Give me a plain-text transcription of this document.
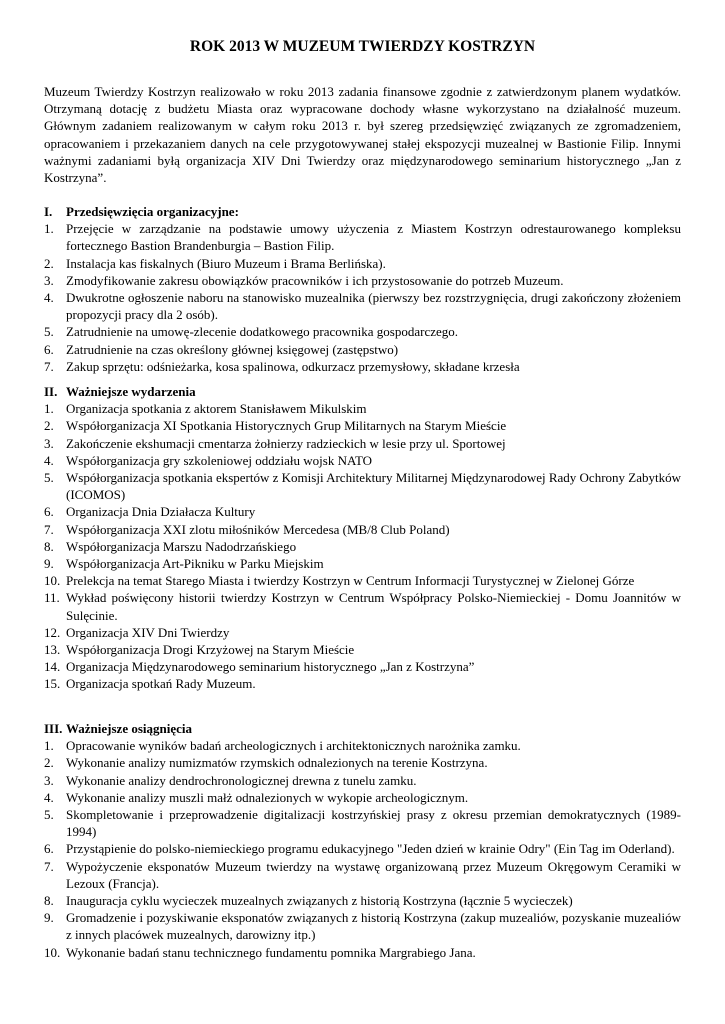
ROK 2013 W MUZEUM TWIERDZY KOSTRZYN

Muzeum Twierdzy Kostrzyn realizowało w roku 2013 zadania finansowe zgodnie z zatwierdzonym planem wydatków. Otrzymaną dotację z budżetu Miasta oraz wypracowane dochody własne wykorzystano na działalność muzeum. Głównym zadaniem realizowanym w całym roku 2013 r. był szereg przedsięwzięć związanych ze zgromadzeniem, opracowaniem i przekazaniem danych na cele przygotowywanej stałej ekspozycji muzealnej w Bastionie Filip. Innymi ważnymi zadaniami byłą organizacja XIV Dni Twierdzy oraz międzynarodowego seminarium historycznego „Jan z Kostrzyna”.

I.	Przedsięwzięcia organizacyjne:
1. Przejęcie w zarządzanie na podstawie umowy użyczenia z Miastem Kostrzyn odrestaurowanego kompleksu fortecznego Bastion Brandenburgia – Bastion Filip.
2. Instalacja kas fiskalnych (Biuro Muzeum i Brama Berlińska).
3. Zmodyfikowanie zakresu obowiązków pracowników i ich przystosowanie do potrzeb Muzeum.
4. Dwukrotne ogłoszenie naboru na stanowisko muzealnika (pierwszy bez rozstrzygnięcia, drugi zakończony złożeniem propozycji pracy dla 2 osób).
5. Zatrudnienie na umowę-zlecenie dodatkowego pracownika gospodarczego.
6. Zatrudnienie na czas określony głównej księgowej (zastępstwo)
7. Zakup sprzętu: odśnieżarka, kosa spalinowa, odkurzacz przemysłowy, składane krzesła
II. Ważniejsze wydarzenia
1. Organizacja spotkania z aktorem Stanisławem Mikulskim
2. Współorganizacja XI Spotkania Historycznych Grup Militarnych na Starym Mieście
3. Zakończenie ekshumacji cmentarza żołnierzy radzieckich w lesie przy ul. Sportowej
4. Współorganizacja gry szkoleniowej oddziału wojsk NATO
5. Współorganizacja spotkania ekspertów z Komisji Architektury Militarnej Międzynarodowej Rady Ochrony Zabytków (ICOMOS)
6. Organizacja Dnia Działacza Kultury
7. Współorganizacja XXI zlotu miłośników Mercedesa (MB/8 Club Poland)
8. Współorganizacja Marszu Nadodrzańskiego
9. Współorganizacja Art-Pikniku w Parku Miejskim
10. Prelekcja na temat Starego Miasta i twierdzy Kostrzyn w Centrum Informacji Turystycznej w Zielonej Górze
11. Wykład poświęcony historii twierdzy Kostrzyn w Centrum Współpracy Polsko-Niemieckiej - Domu Joannitów w Sulęcinie.
12. Organizacja XIV Dni Twierdzy
13. Współorganizacja Drogi Krzyżowej na Starym Mieście
14. Organizacja Międzynarodowego seminarium historycznego „Jan z Kostrzyna”
15. Organizacja spotkań Rady Muzeum.
III. Ważniejsze osiągnięcia
1. Opracowanie wyników badań archeologicznych i architektonicznych narożnika zamku.
2. Wykonanie analizy numizmatów rzymskich odnalezionych na terenie Kostrzyna.
3. Wykonanie analizy dendrochronologicznej drewna z tunelu zamku.
4. Wykonanie analizy muszli małż odnalezionych w wykopie archeologicznym.
5. Skompletowanie i przeprowadzenie digitalizacji kostrzyńskiej prasy z okresu przemian demokratycznych (1989-1994)
6. Przystąpienie do polsko-niemieckiego programu edukacyjnego "Jeden dzień w krainie Odry" (Ein Tag im Oderland).
7. Wypożyczenie eksponatów Muzeum twierdzy na wystawę organizowaną przez Muzeum Okręgowym Ceramiki w Lezoux (Francja).
8. Inauguracja cyklu wycieczek muzealnych związanych z historią Kostrzyna (łącznie 5 wycieczek)
9. Gromadzenie i pozyskiwanie eksponatów związanych z historią Kostrzyna (zakup muzealiów, pozyskanie muzealiów z innych placówek muzealnych, darowizny itp.)
10. Wykonanie badań stanu technicznego fundamentu pomnika Margrabiego Jana.
